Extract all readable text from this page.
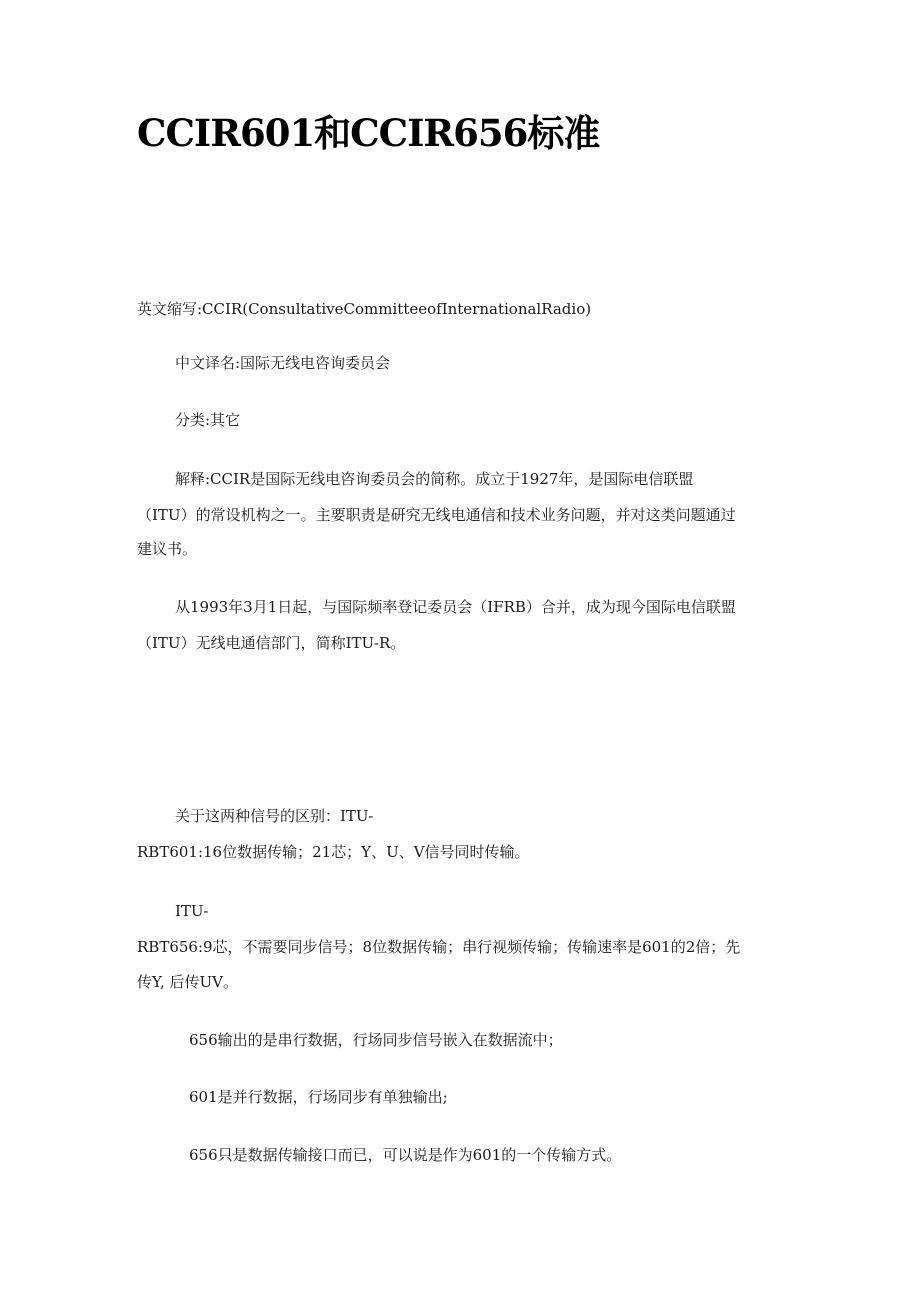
CCIR601和CCIR656标准

英文缩写:CCIR(ConsultativeCommitteeofInternationalRadio)

中文译名:国际无线电咨询委员会

分类:其它

解释:CCIR是国际无线电咨询委员会的简称。成立于1927年，是国际电信联盟

（ITU）的常设机构之一。主要职责是研究无线电通信和技术业务问题，并对这类问题通过

建议书。

从1993年3月1日起，与国际频率登记委员会（IFRB）合并，成为现今国际电信联盟

（ITU）无线电通信部门，简称ITU-R。

关于这两种信号的区别：ITU-

RBT601:16位数据传输；21芯；Y、U、V信号同时传输。

ITU-

RBT656:9芯，不需要同步信号；8位数据传输；串行视频传输；传输速率是601的2倍；先

传Y, 后传UV。

656输出的是串行数据，行场同步信号嵌入在数据流中；

601是并行数据，行场同步有单独输出;

656只是数据传输接口而已，可以说是作为601的一个传输方式。
